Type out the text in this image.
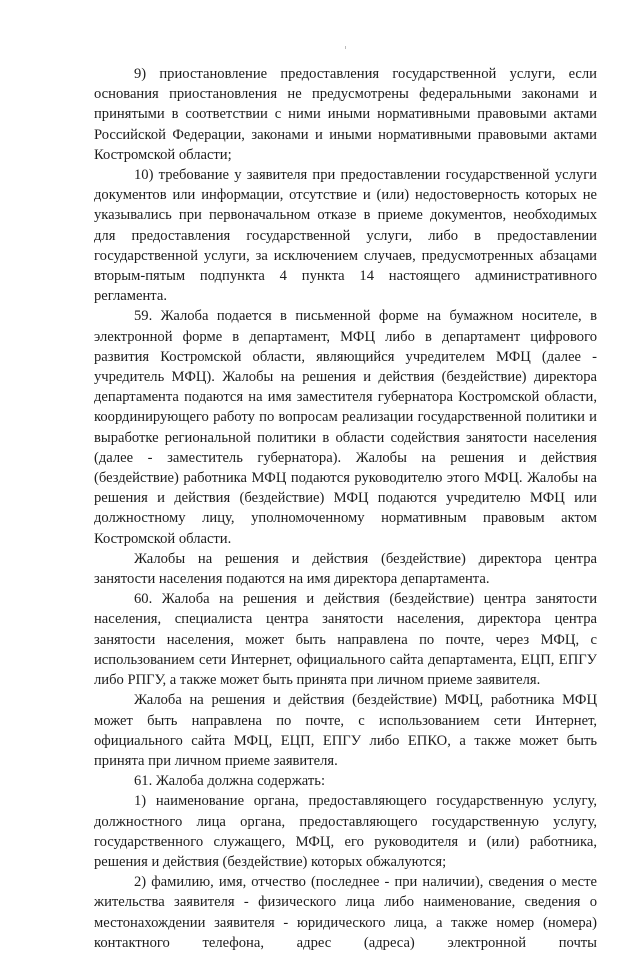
9) приостановление предоставления государственной услуги, если основания приостановления не предусмотрены федеральными законами и принятыми в соответствии с ними иными нормативными правовыми актами Российской Федерации, законами и иными нормативными правовыми актами Костромской области;

10) требование у заявителя при предоставлении государственной услуги документов или информации, отсутствие и (или) недостоверность которых не указывались при первоначальном отказе в приеме документов, необходимых для предоставления государственной услуги, либо в предоставлении государственной услуги, за исключением случаев, предусмотренных абзацами вторым-пятым подпункта 4 пункта 14 настоящего административного регламента.

59. Жалоба подается в письменной форме на бумажном носителе, в электронной форме в департамент, МФЦ либо в департамент цифрового развития Костромской области, являющийся учредителем МФЦ (далее - учредитель МФЦ). Жалобы на решения и действия (бездействие) директора департамента подаются на имя заместителя губернатора Костромской области, координирующего работу по вопросам реализации государственной политики и выработке региональной политики в области содействия занятости населения (далее - заместитель губернатора). Жалобы на решения и действия (бездействие) работника МФЦ подаются руководителю этого МФЦ. Жалобы на решения и действия (бездействие) МФЦ подаются учредителю МФЦ или должностному лицу, уполномоченному нормативным правовым актом Костромской области.

Жалобы на решения и действия (бездействие) директора центра занятости населения подаются на имя директора департамента.

60. Жалоба на решения и действия (бездействие) центра занятости населения, специалиста центра занятости населения, директора центра занятости населения, может быть направлена по почте, через МФЦ, с использованием сети Интернет, официального сайта департамента, ЕЦП, ЕПГУ либо РПГУ, а также может быть принята при личном приеме заявителя.

Жалоба на решения и действия (бездействие) МФЦ, работника МФЦ может быть направлена по почте, с использованием сети Интернет, официального сайта МФЦ, ЕЦП, ЕПГУ либо ЕПКО, а также может быть принята при личном приеме заявителя.

61. Жалоба должна содержать:

1) наименование органа, предоставляющего государственную услугу, должностного лица органа, предоставляющего государственную услугу, государственного служащего, МФЦ, его руководителя и (или) работника, решения и действия (бездействие) которых обжалуются;

2) фамилию, имя, отчество (последнее - при наличии), сведения о месте жительства заявителя - физического лица либо наименование, сведения о местонахождении заявителя - юридического лица, а также номер (номера) контактного телефона, адрес (адреса) электронной почты
